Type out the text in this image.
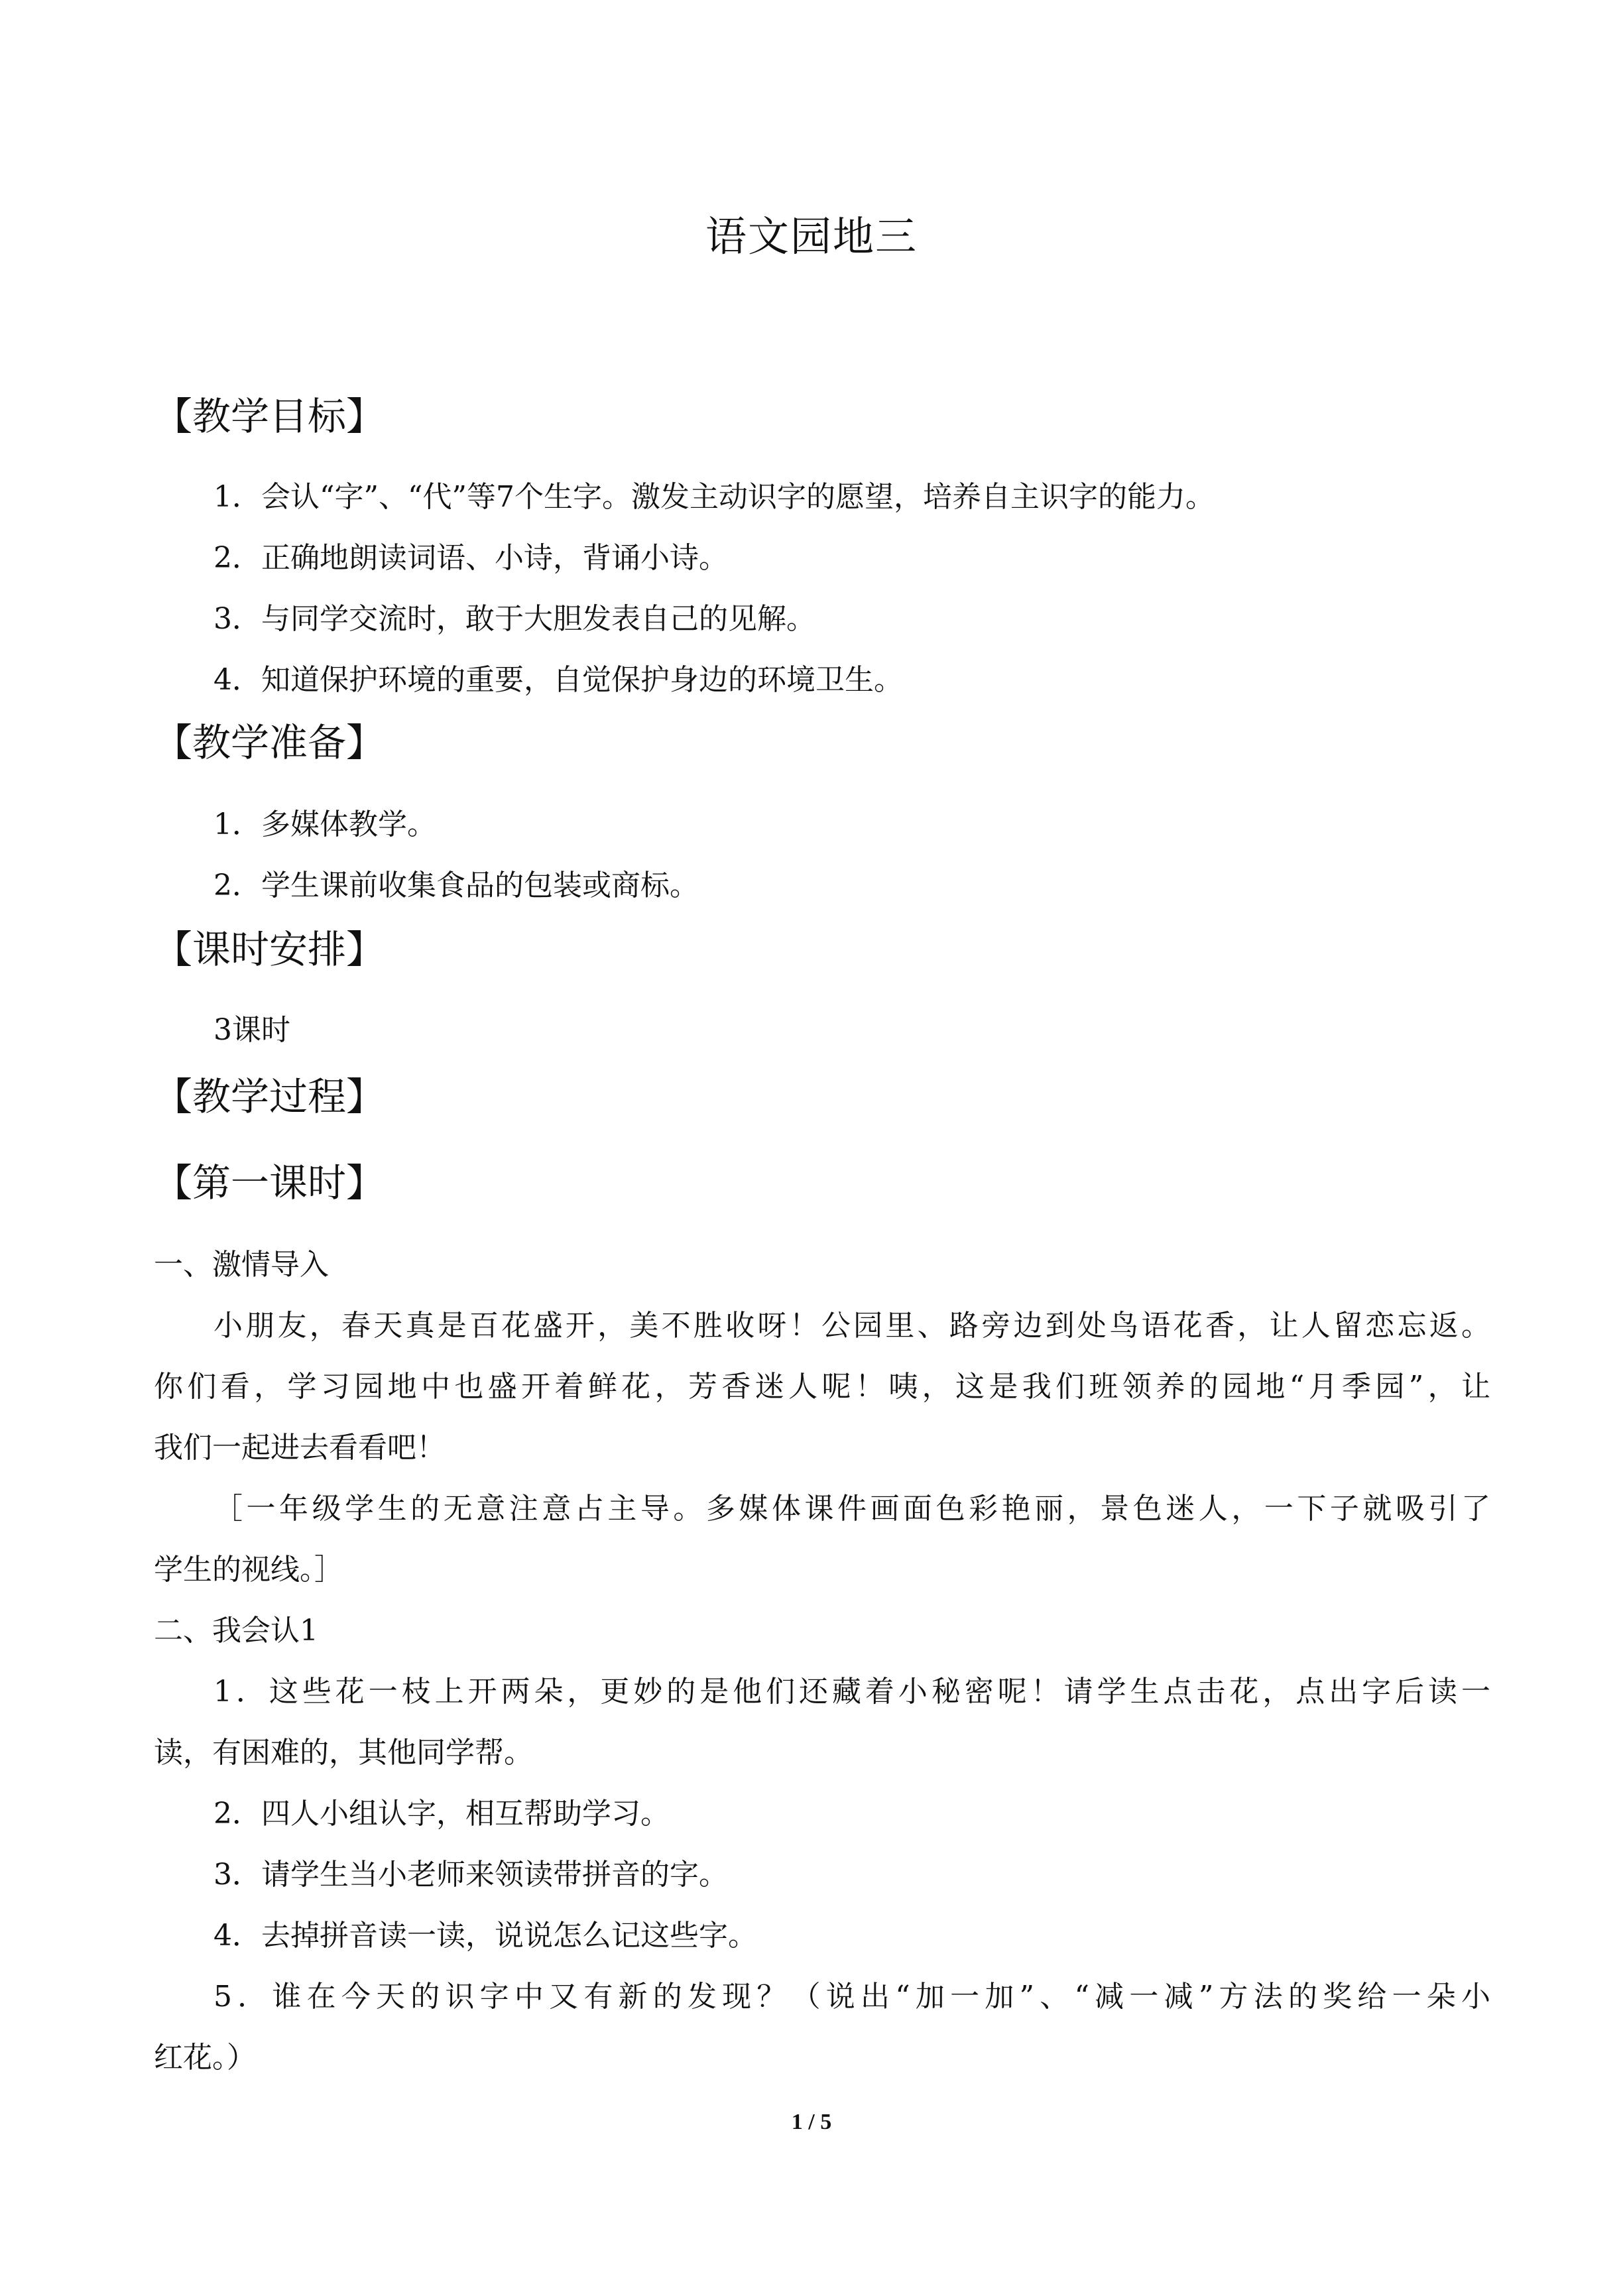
语文园地三
【教学目标】
1．会认“字”、“代”等7个生字。激发主动识字的愿望，培养自主识字的能力。
2．正确地朗读词语、小诗，背诵小诗。
3．与同学交流时，敢于大胆发表自己的见解。
4．知道保护环境的重要，自觉保护身边的环境卫生。
【教学准备】
1．多媒体教学。
2．学生课前收集食品的包装或商标。
【课时安排】
3课时
【教学过程】
【第一课时】
一、激情导入
小朋友，春天真是百花盛开，美不胜收呀！公园里、路旁边到处鸟语花香，让人留恋忘返。
你们看，学习园地中也盛开着鲜花，芳香迷人呢！咦，这是我们班领养的园地“月季园”，让
我们一起进去看看吧！
［一年级学生的无意注意占主导。多媒体课件画面色彩艳丽，景色迷人，一下子就吸引了
学生的视线。］
二、我会认1
1．这些花一枝上开两朵，更妙的是他们还藏着小秘密呢！请学生点击花，点出字后读一
读，有困难的，其他同学帮。
2．四人小组认字，相互帮助学习。
3．请学生当小老师来领读带拼音的字。
4．去掉拼音读一读，说说怎么记这些字。
5．谁在今天的识字中又有新的发现？（说出“加一加”、“减一减”方法的奖给一朵小
红花。）
1 / 5
